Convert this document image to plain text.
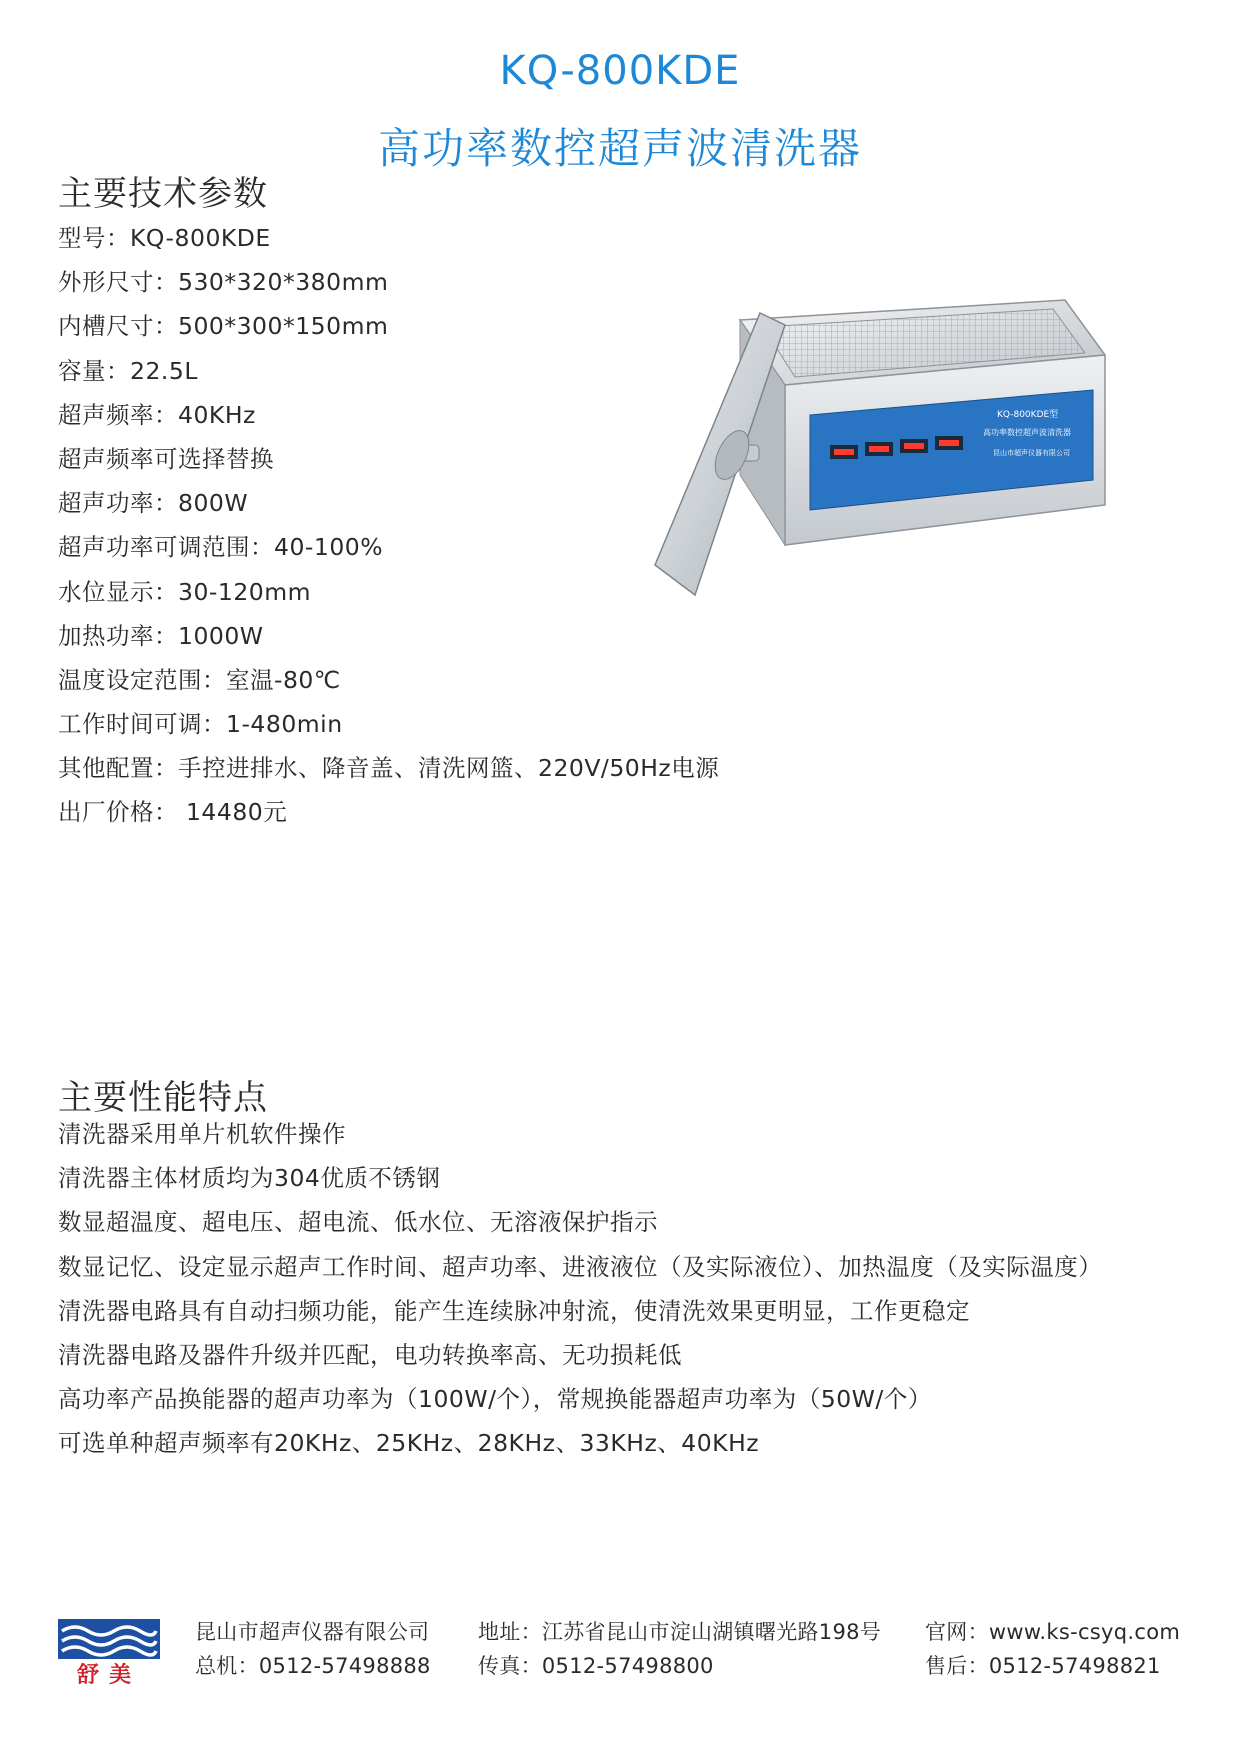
KQ-800KDE
高功率数控超声波清洗器
主要技术参数
型号：KQ-800KDE
外形尺寸：530*320*380mm
内槽尺寸：500*300*150mm
容量：22.5L
超声频率：40KHz
超声频率可选择替换
超声功率：800W
超声功率可调范围：40-100%
水位显示：30-120mm
加热功率：1000W
温度设定范围：室温-80℃
工作时间可调：1-480min
其他配置：手控进排水、降音盖、清洗网篮、220V/50Hz电源
出厂价格： 14480元
KQ-800KDE型
高功率数控超声波清洗器
昆山市超声仪器有限公司
主要性能特点
清洗器采用单片机软件操作
清洗器主体材质均为304优质不锈钢
数显超温度、超电压、超电流、低水位、无溶液保护指示
数显记忆、设定显示超声工作时间、超声功率、进液液位（及实际液位）、加热温度（及实际温度）
清洗器电路具有自动扫频功能，能产生连续脉冲射流，使清洗效果更明显，工作更稳定
清洗器电路及器件升级并匹配，电功转换率高、无功损耗低
高功率产品换能器的超声功率为（100W/个），常规换能器超声功率为（50W/个）
可选单种超声频率有20KHz、25KHz、28KHz、33KHz、40KHz
舒美
昆山市超声仪器有限公司
总机：0512-57498888
地址：江苏省昆山市淀山湖镇曙光路198号
传真：0512-57498800
官网：www.ks-csyq.com
售后：0512-57498821
